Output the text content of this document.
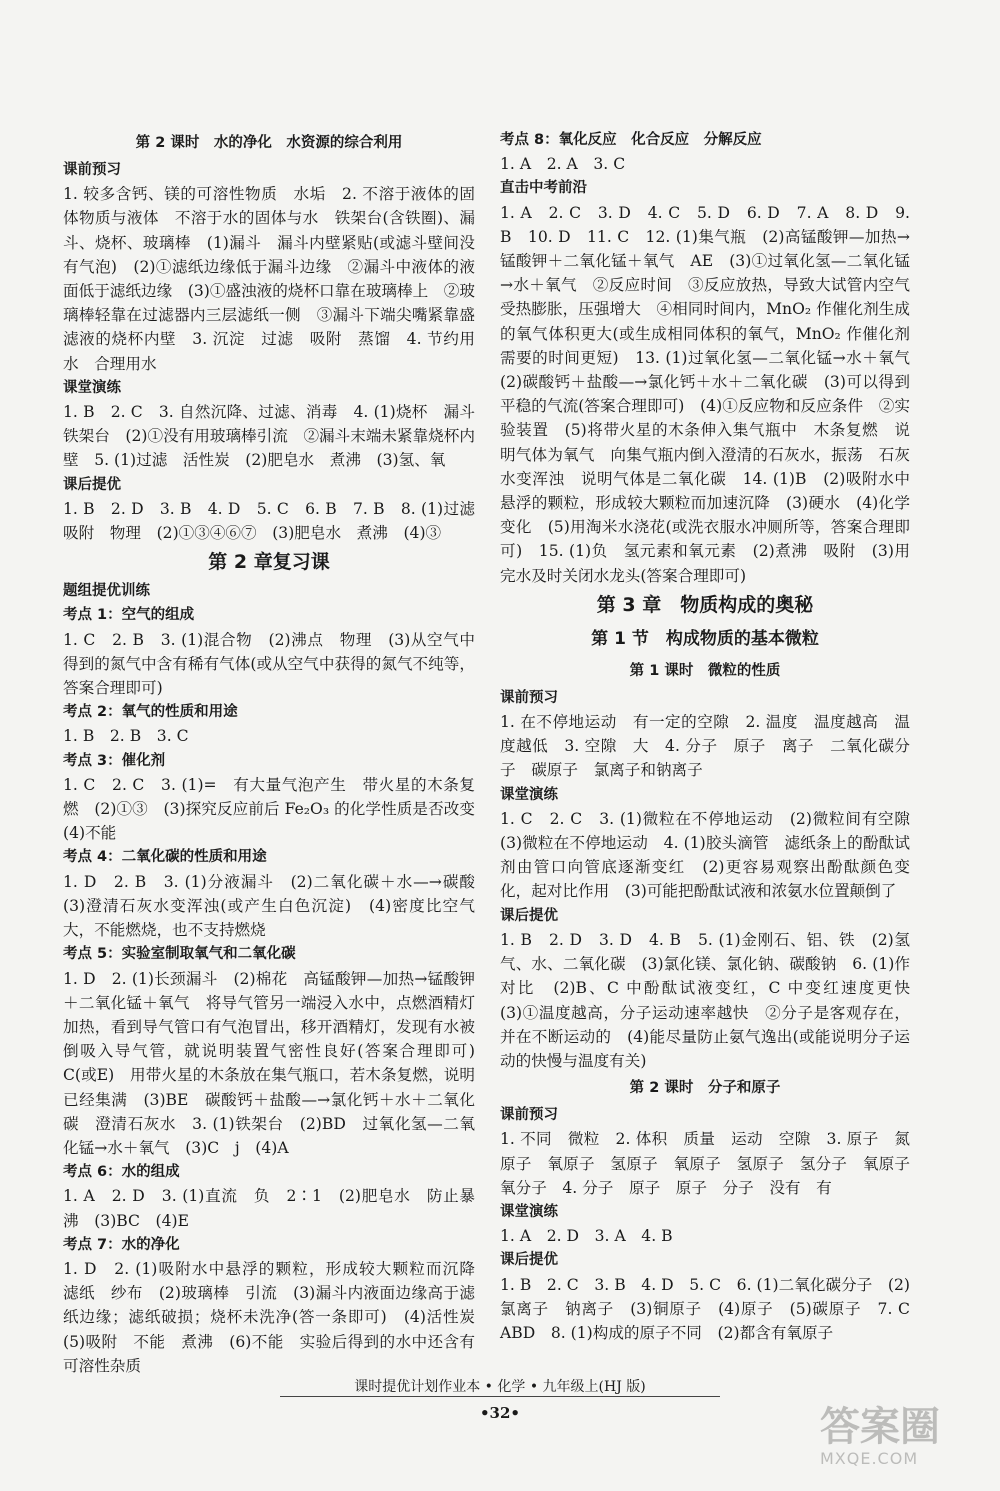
第 2 课时　水的净化　水资源的综合利用
课前预习

1. 较多含钙、镁的可溶性物质　水垢　2. 不溶于液体的固体物质与液体　不溶于水的固体与水　铁架台(含铁圈)、漏斗、烧杯、玻璃棒　(1)漏斗　漏斗内壁紧贴(或滤斗壁间没有气泡)　(2)①滤纸边缘低于漏斗边缘　②漏斗中液体的液面低于滤纸边缘　(3)①盛浊液的烧杯口靠在玻璃棒上　②玻璃棒轻靠在过滤器内三层滤纸一侧　③漏斗下端尖嘴紧靠盛滤液的烧杯内壁　3. 沉淀　过滤　吸附　蒸馏　4. 节约用水　合理用水

课堂演练

1. B　2. C　3. 自然沉降、过滤、消毒　4. (1)烧杯　漏斗　铁架台　(2)①没有用玻璃棒引流　②漏斗末端未紧靠烧杯内壁　5. (1)过滤　活性炭　(2)肥皂水　煮沸　(3)氢、氧

课后提优

1. B　2. D　3. B　4. D　5. C　6. B　7. B　8. (1)过滤　吸附　物理　(2)①③④⑥⑦　(3)肥皂水　煮沸　(4)③

第 2 章复习课
题组提优训练
考点 1：空气的组成

1. C　2. B　3. (1)混合物　(2)沸点　物理　(3)从空气中得到的氮气中含有稀有气体(或从空气中获得的氮气不纯等，答案合理即可)

考点 2：氧气的性质和用途

1. B　2. B　3. C

考点 3：催化剂

1. C　2. C　3. (1)=　有大量气泡产生　带火星的木条复燃　(2)①③　(3)探究反应前后 Fe₂O₃ 的化学性质是否改变　(4)不能

考点 4：二氧化碳的性质和用途

1. D　2. B　3. (1)分液漏斗　(2)二氧化碳＋水—→碳酸　(3)澄清石灰水变浑浊(或产生白色沉淀)　(4)密度比空气大，不能燃烧，也不支持燃烧

考点 5：实验室制取氧气和二氧化碳

1. D　2. (1)长颈漏斗　(2)棉花　高锰酸钾—加热→锰酸钾＋二氧化锰＋氧气　将导气管另一端浸入水中，点燃酒精灯加热，看到导气管口有气泡冒出，移开酒精灯，发现有水被倒吸入导气管，就说明装置气密性良好(答案合理即可)　C(或E)　用带火星的木条放在集气瓶口，若木条复燃，说明已经集满　(3)BE　碳酸钙＋盐酸—→氯化钙＋水＋二氧化碳　澄清石灰水　3. (1)铁架台　(2)BD　过氧化氢—二氧化锰→水＋氧气　(3)C　j　(4)A

考点 6：水的组成

1. A　2. D　3. (1)直流　负　2∶1　(2)肥皂水　防止暴沸　(3)BC　(4)E

考点 7：水的净化

1. D　2. (1)吸附水中悬浮的颗粒，形成较大颗粒而沉降　滤纸　纱布　(2)玻璃棒　引流　(3)漏斗内液面边缘高于滤纸边缘；滤纸破损；烧杯未洗净(答一条即可)　(4)活性炭　(5)吸附　不能　煮沸　(6)不能　实验后得到的水中还含有可溶性杂质

考点 8：氧化反应　化合反应　分解反应

1. A　2. A　3. C

直击中考前沿

1. A　2. C　3. D　4. C　5. D　6. D　7. A　8. D　9. B　10. D　11. C　12. (1)集气瓶　(2)高锰酸钾—加热→锰酸钾＋二氧化锰＋氧气　AE　(3)①过氧化氢—二氧化锰→水＋氧气　②反应时间　③反应放热，导致大试管内空气受热膨胀，压强增大　④相同时间内，MnO₂ 作催化剂生成的氧气体积更大(或生成相同体积的氧气，MnO₂ 作催化剂需要的时间更短)　13. (1)过氧化氢—二氧化锰→水＋氧气　(2)碳酸钙＋盐酸—→氯化钙＋水＋二氧化碳　(3)可以得到平稳的气流(答案合理即可)　(4)①反应物和反应条件　②实验装置　(5)将带火星的木条伸入集气瓶中　木条复燃　说明气体为氧气　向集气瓶内倒入澄清的石灰水，振荡　石灰水变浑浊　说明气体是二氧化碳　14. (1)B　(2)吸附水中悬浮的颗粒，形成较大颗粒而加速沉降　(3)硬水　(4)化学变化　(5)用淘米水浇花(或洗衣服水冲厕所等，答案合理即可)　15. (1)负　氢元素和氧元素　(2)煮沸　吸附　(3)用完水及时关闭水龙头(答案合理即可)

第 3 章　物质构成的奥秘
第 1 节　构成物质的基本微粒
第 1 课时　微粒的性质
课前预习

1. 在不停地运动　有一定的空隙　2. 温度　温度越高　温度越低　3. 空隙　大　4. 分子　原子　离子　二氧化碳分子　碳原子　氯离子和钠离子

课堂演练

1. C　2. C　3. (1)微粒在不停地运动　(2)微粒间有空隙　(3)微粒在不停地运动　4. (1)胶头滴管　滤纸条上的酚酞试剂由管口向管底逐渐变红　(2)更容易观察出酚酞颜色变化，起对比作用　(3)可能把酚酞试液和浓氨水位置颠倒了

课后提优

1. B　2. D　3. D　4. B　5. (1)金刚石、铝、铁　(2)氢气、水、二氧化碳　(3)氯化镁、氯化钠、碳酸钠　6. (1)作对比　(2)B、C 中酚酞试液变红，C 中变红速度更快　(3)①温度越高，分子运动速率越快　②分子是客观存在，并在不断运动的　(4)能尽量防止氨气逸出(或能说明分子运动的快慢与温度有关)

第 2 课时　分子和原子
课前预习

1. 不同　微粒　2. 体积　质量　运动　空隙　3. 原子　氮原子　氧原子　氢原子　氧原子　氢原子　氢分子　氧原子　氧分子　4. 分子　原子　原子　分子　没有　有

课堂演练

1. A　2. D　3. A　4. B

课后提优

1. B　2. C　3. B　4. D　5. C　6. (1)二氧化碳分子　(2)氯离子　钠离子　(3)铜原子　(4)原子　(5)碳原子　7. C　ABD　8. (1)构成的原子不同　(2)都含有氧原子

课时提优计划作业本 • 化学 • 九年级上(HJ 版)
•32•	答案圈
MXQE.COM
